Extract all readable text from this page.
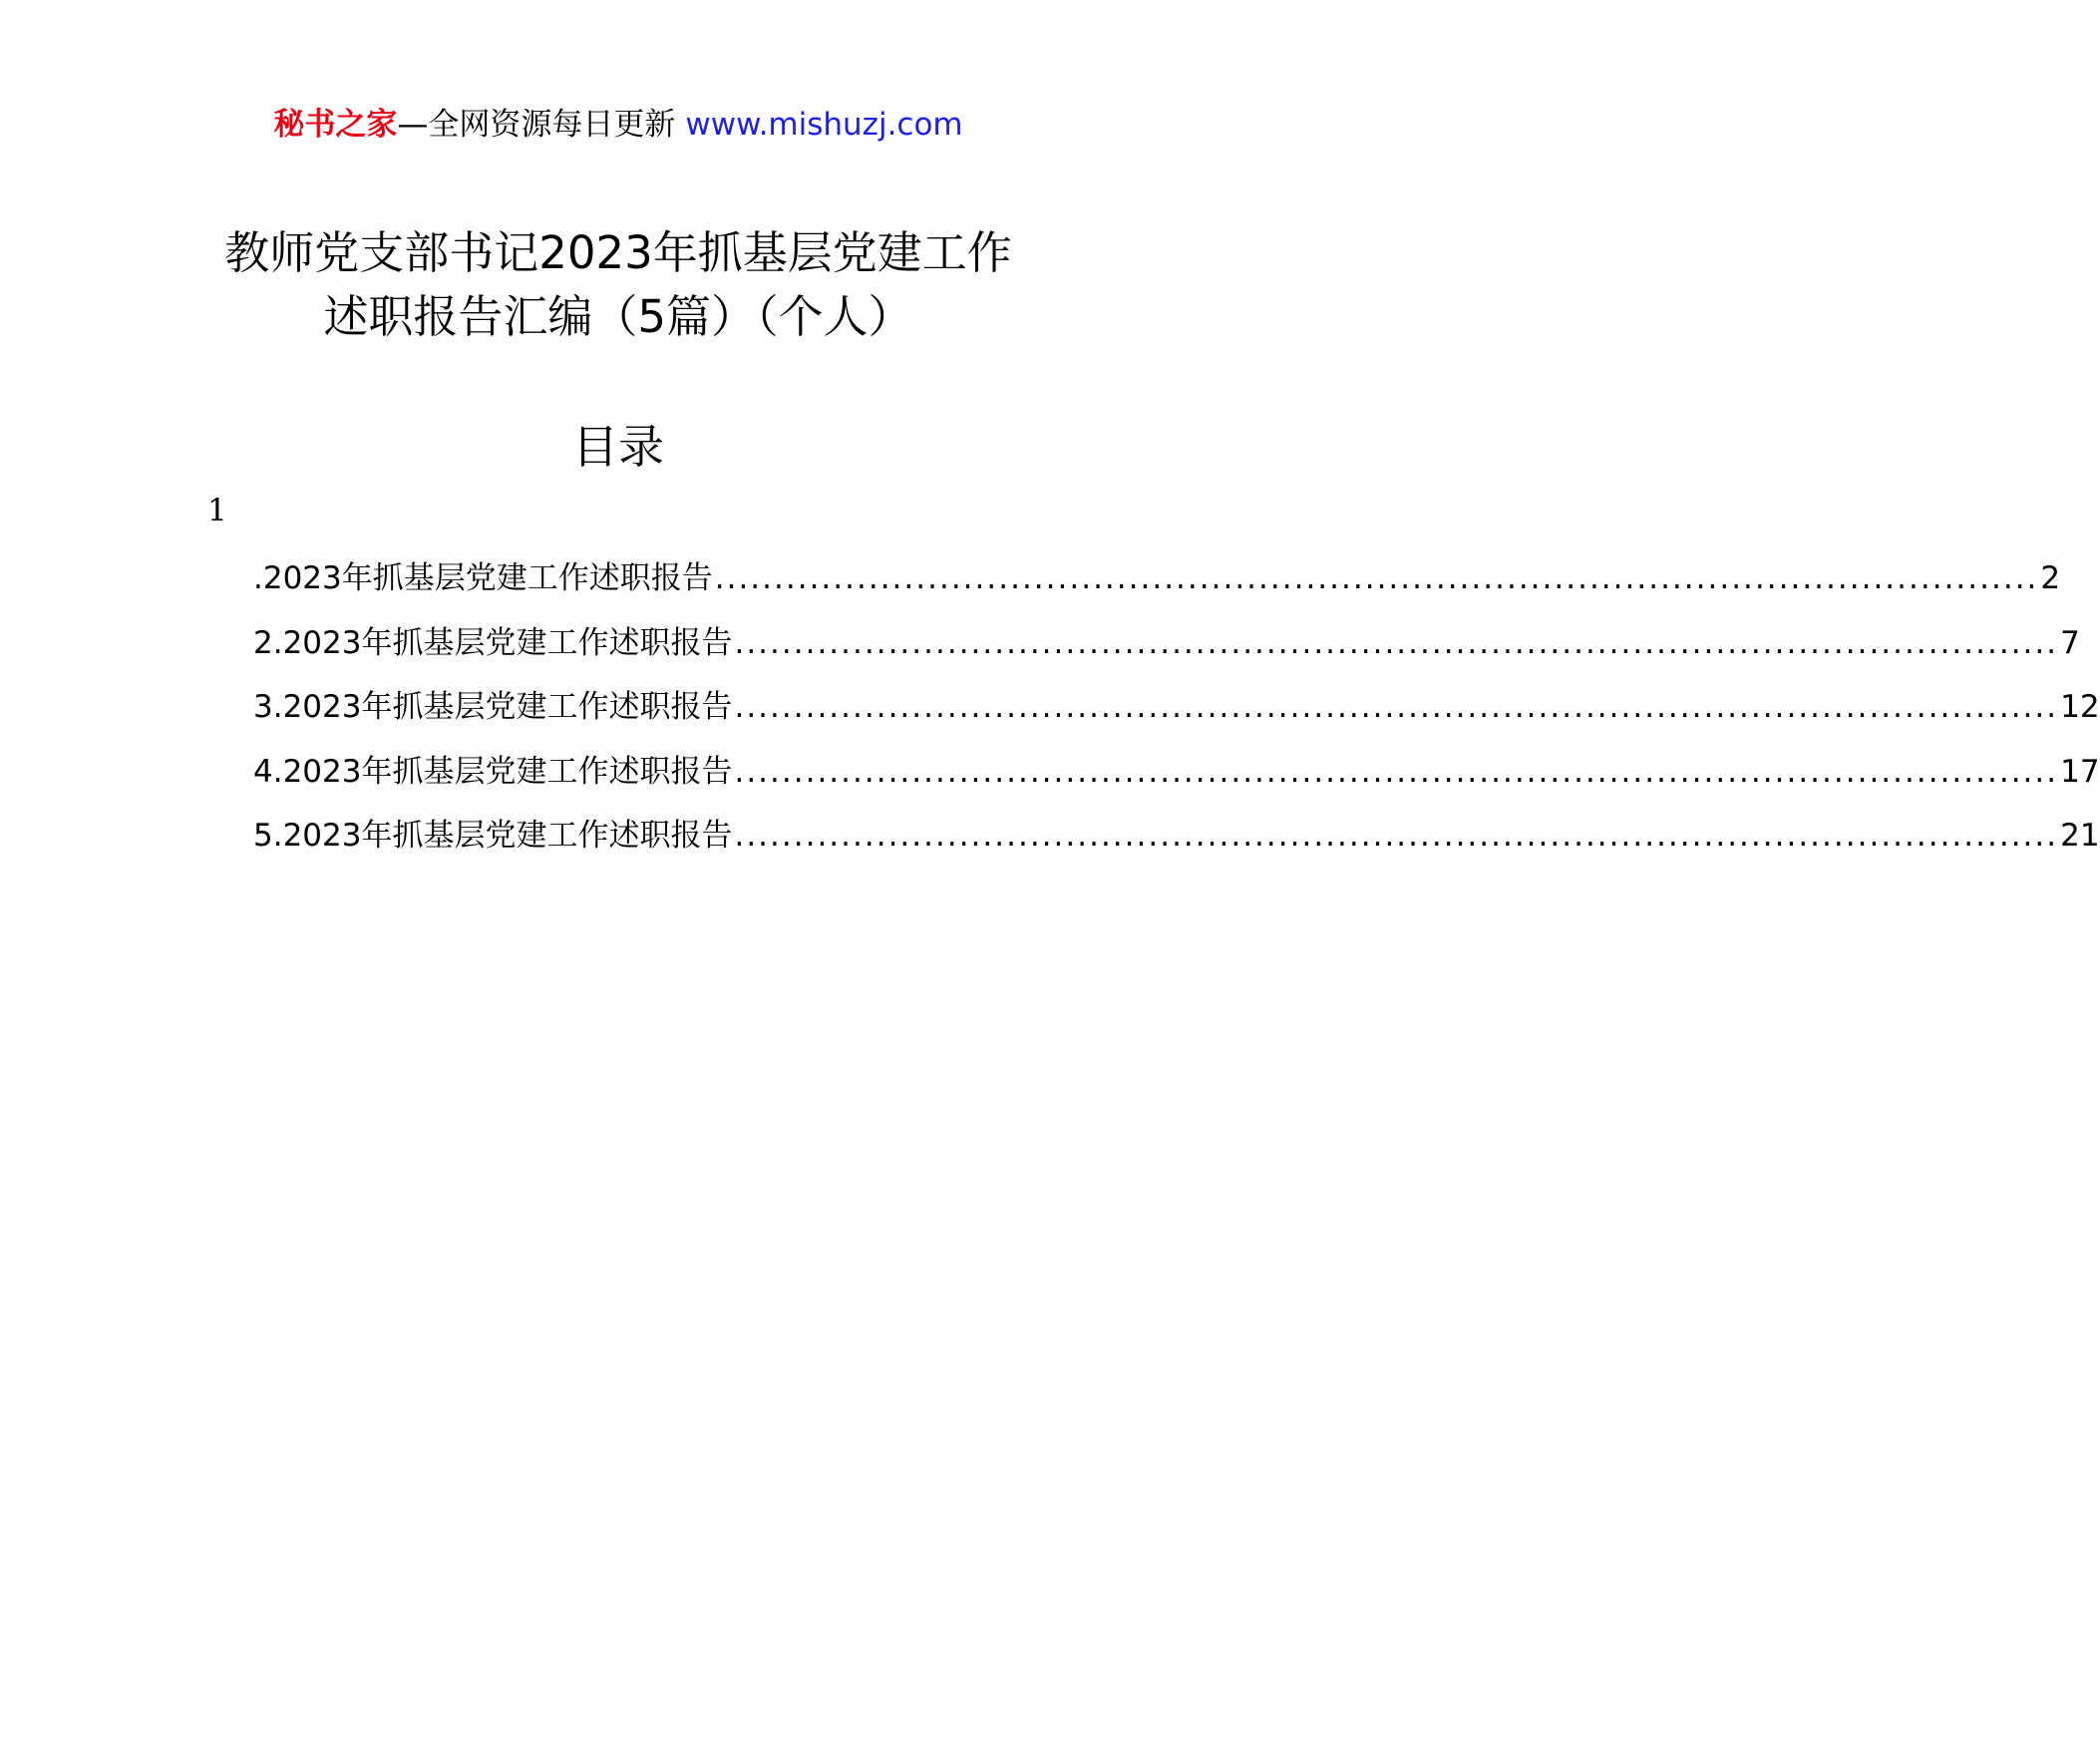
秘书之家—全网资源每日更新 www.mishuzj.com
教师党支部书记2023年抓基层党建工作
述职报告汇编（5篇）（个人）
目录
1
.2023年抓基层党建工作述职报告 ................................................................................................................ 2
2.2023年抓基层党建工作述职报告 ................................................................................................................ 7
3.2023年抓基层党建工作述职报告 ................................................................................................................ 12
4.2023年抓基层党建工作述职报告 ................................................................................................................ 17
5.2023年抓基层党建工作述职报告 ................................................................................................................ 21
